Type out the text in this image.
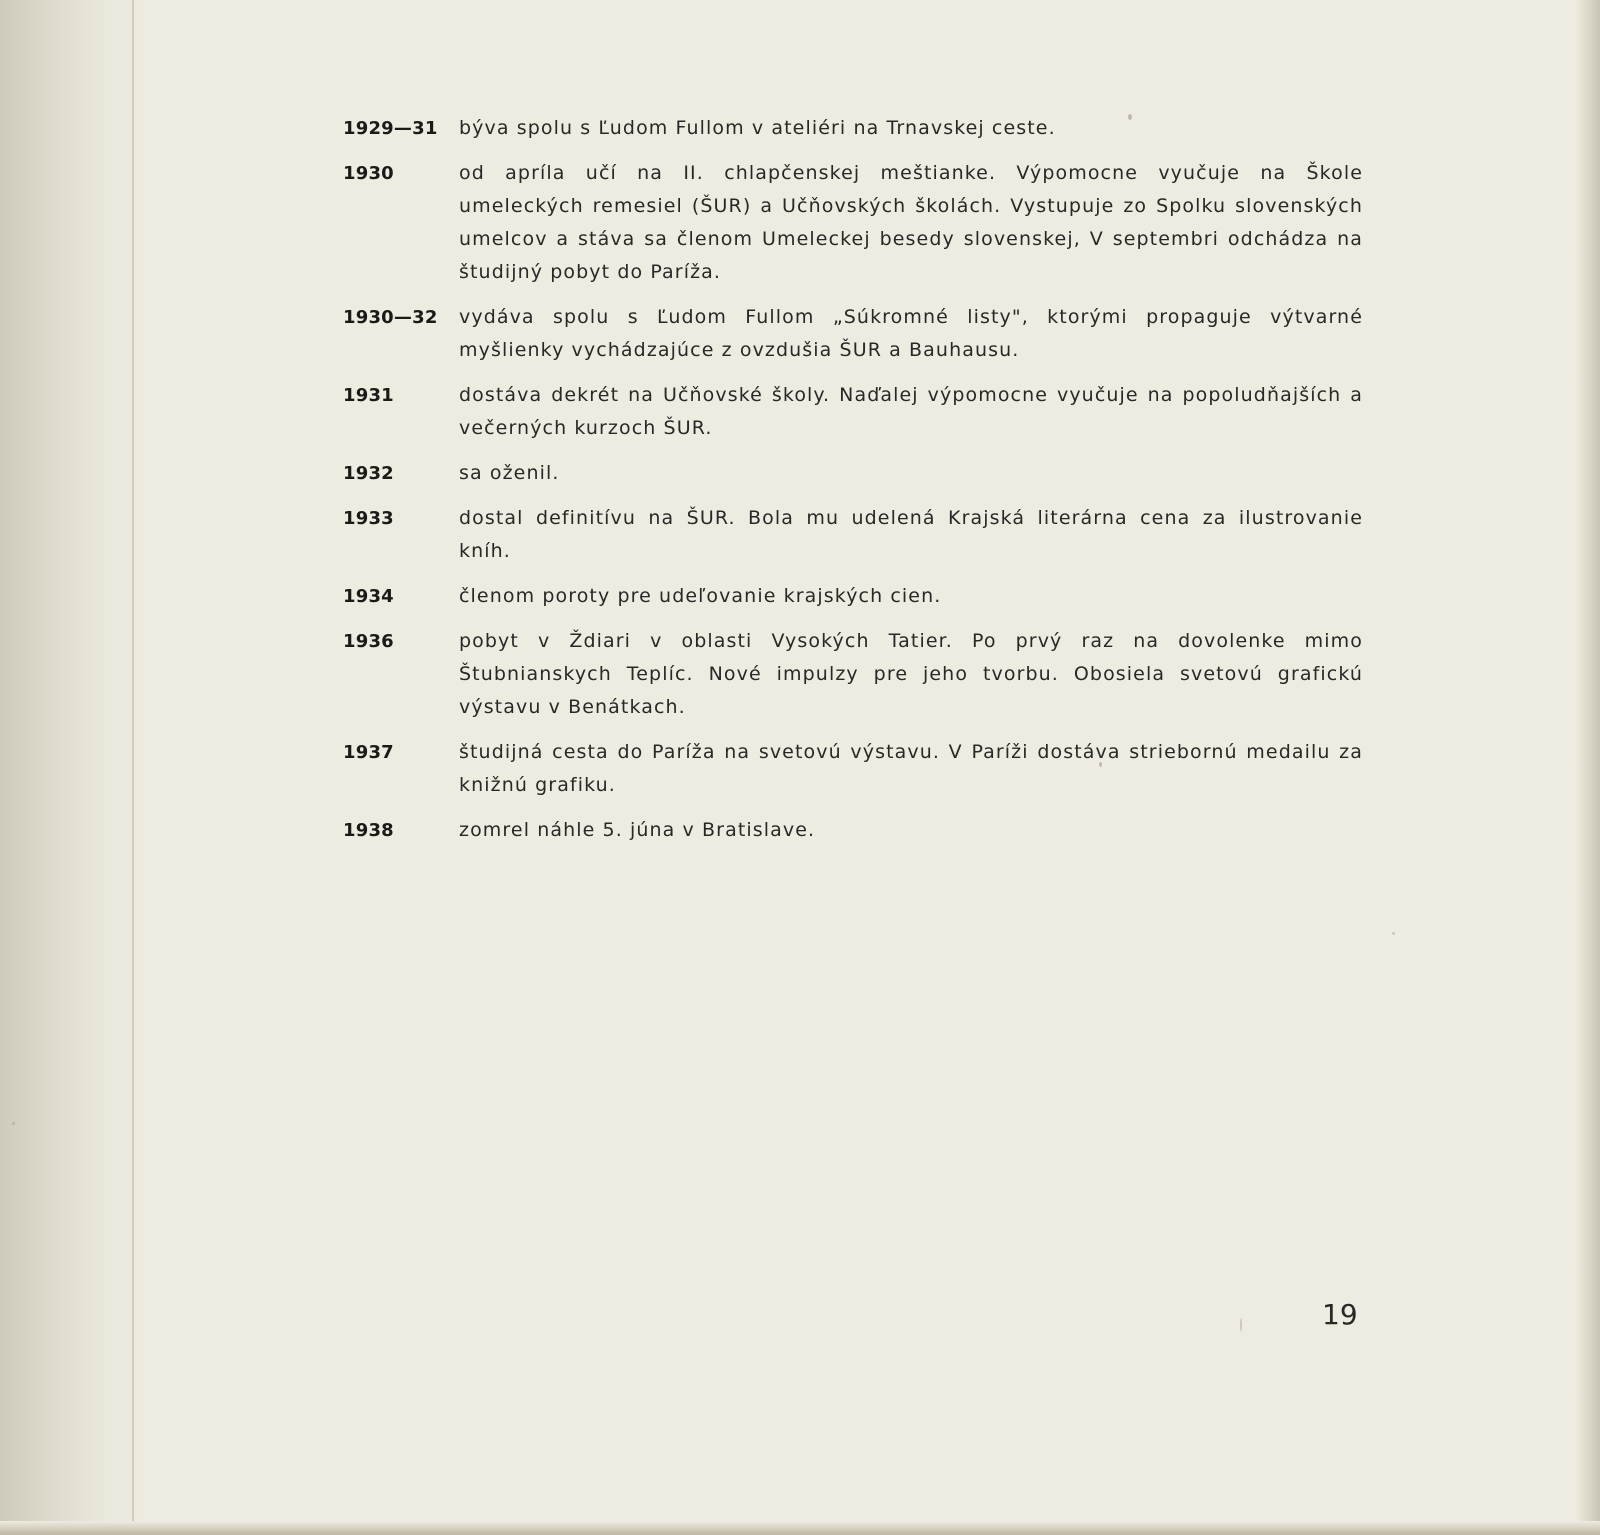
1929—31	býva spolu s Ľudom Fullom v ateliéri na Trnavskej ceste.
1930	od apríla učí na II. chlapčenskej meštianke. Výpomocne vyučuje na Škole umeleckých remesiel (ŠUR) a Učňovských školách. Vystupuje zo Spolku slovenských umelcov a stáva sa členom Umeleckej besedy slovenskej, V septembri odchádza na študijný pobyt do Paríža.
1930—32	vydáva spolu s Ľudom Fullom „Súkromné listy", ktorými propaguje výtvarné myšlienky vychádzajúce z ovzdušia ŠUR a Bauhausu.
1931	dostáva dekrét na Učňovské školy. Naďalej výpomocne vyučuje na popoludňajších a večerných kurzoch ŠUR.
1932	sa oženil.
1933	dostal definitívu na ŠUR. Bola mu udelená Krajská literárna cena za ilustrovanie kníh.
1934	členom poroty pre udeľovanie krajských cien.
1936	pobyt v Ždiari v oblasti Vysokých Tatier. Po prvý raz na dovolenke mimo Štubnianskych Teplíc. Nové impulzy pre jeho tvorbu. Obosiela svetovú grafickú výstavu v Benátkach.
1937	študijná cesta do Paríža na svetovú výstavu. V Paríži dostáva striebornú medailu za knižnú grafiku.
1938	zomrel náhle 5. júna v Bratislave.
19
